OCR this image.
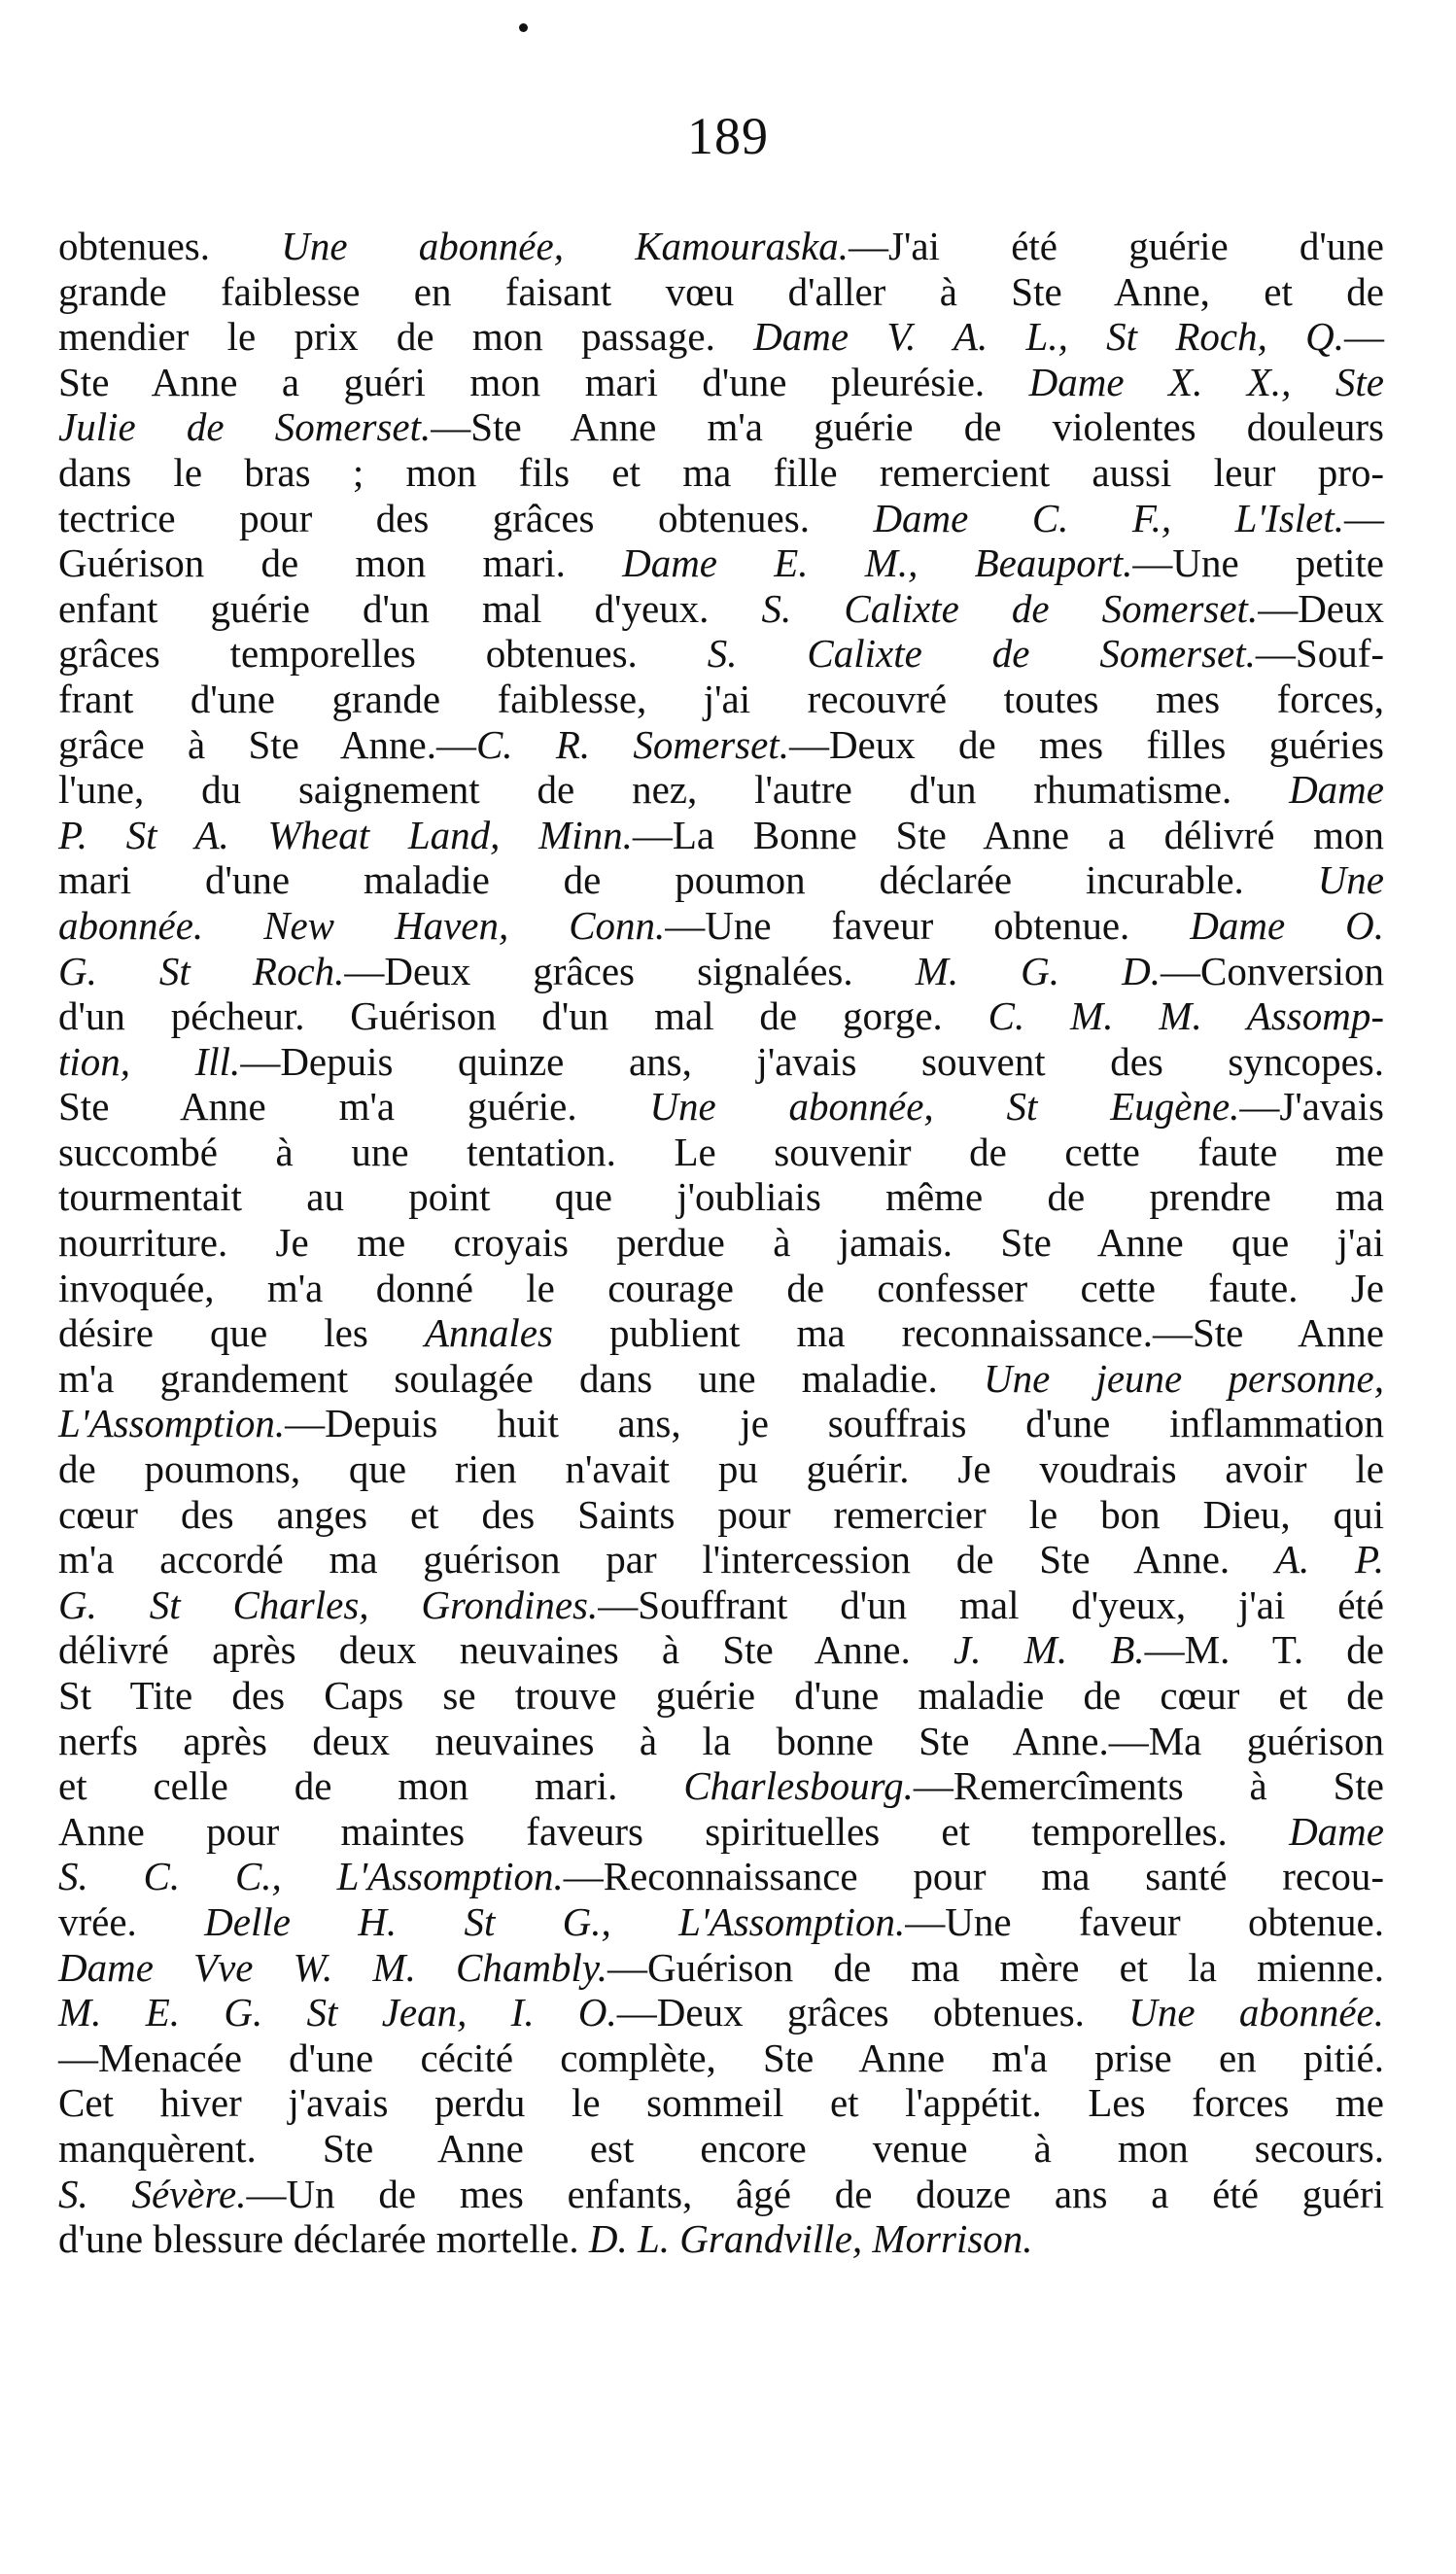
189
obtenues. Une abonnée, Kamouraska.—J'ai été guérie d'une
grande faiblesse en faisant vœu d'aller à Ste Anne, et de
mendier le prix de mon passage. Dame V. A. L., St Roch, Q.—
Ste Anne a guéri mon mari d'une pleurésie. Dame X. X., Ste
Julie de Somerset.—Ste Anne m'a guérie de violentes douleurs
dans le bras ; mon fils et ma fille remercient aussi leur pro-
tectrice pour des grâces obtenues. Dame C. F., L'Islet.—
Guérison de mon mari. Dame E. M., Beauport.—Une petite
enfant guérie d'un mal d'yeux. S. Calixte de Somerset.—Deux
grâces temporelles obtenues. S. Calixte de Somerset.—Souf-
frant d'une grande faiblesse, j'ai recouvré toutes mes forces,
grâce à Ste Anne.—C. R. Somerset.—Deux de mes filles guéries
l'une, du saignement de nez, l'autre d'un rhumatisme. Dame
P. St A. Wheat Land, Minn.—La Bonne Ste Anne a délivré mon
mari d'une maladie de poumon déclarée incurable. Une
abonnée. New Haven, Conn.—Une faveur obtenue. Dame O.
G. St Roch.—Deux grâces signalées. M. G. D.—Conversion
d'un pécheur. Guérison d'un mal de gorge. C. M. M. Assomp-
tion, Ill.—Depuis quinze ans, j'avais souvent des syncopes.
Ste Anne m'a guérie. Une abonnée, St Eugène.—J'avais
succombé à une tentation. Le souvenir de cette faute me
tourmentait au point que j'oubliais même de prendre ma
nourriture. Je me croyais perdue à jamais. Ste Anne que j'ai
invoquée, m'a donné le courage de confesser cette faute. Je
désire que les Annales publient ma reconnaissance.—Ste Anne
m'a grandement soulagée dans une maladie. Une jeune personne,
L'Assomption.—Depuis huit ans, je souffrais d'une inflammation
de poumons, que rien n'avait pu guérir. Je voudrais avoir le
cœur des anges et des Saints pour remercier le bon Dieu, qui
m'a accordé ma guérison par l'intercession de Ste Anne. A. P.
G. St Charles, Grondines.—Souffrant d'un mal d'yeux, j'ai été
délivré après deux neuvaines à Ste Anne. J. M. B.—M. T. de
St Tite des Caps se trouve guérie d'une maladie de cœur et de
nerfs après deux neuvaines à la bonne Ste Anne.—Ma guérison
et celle de mon mari. Charlesbourg.—Remercîments à Ste
Anne pour maintes faveurs spirituelles et temporelles. Dame
S. C. C., L'Assomption.—Reconnaissance pour ma santé recou-
vrée. Delle H. St G., L'Assomption.—Une faveur obtenue.
Dame Vve W. M. Chambly.—Guérison de ma mère et la mienne.
M. E. G. St Jean, I. O.—Deux grâces obtenues. Une abonnée.
—Menacée d'une cécité complète, Ste Anne m'a prise en pitié.
Cet hiver j'avais perdu le sommeil et l'appétit. Les forces me
manquèrent. Ste Anne est encore venue à mon secours.
S. Sévère.—Un de mes enfants, âgé de douze ans a été guéri
d'une blessure déclarée mortelle. D. L. Grandville, Morrison.
